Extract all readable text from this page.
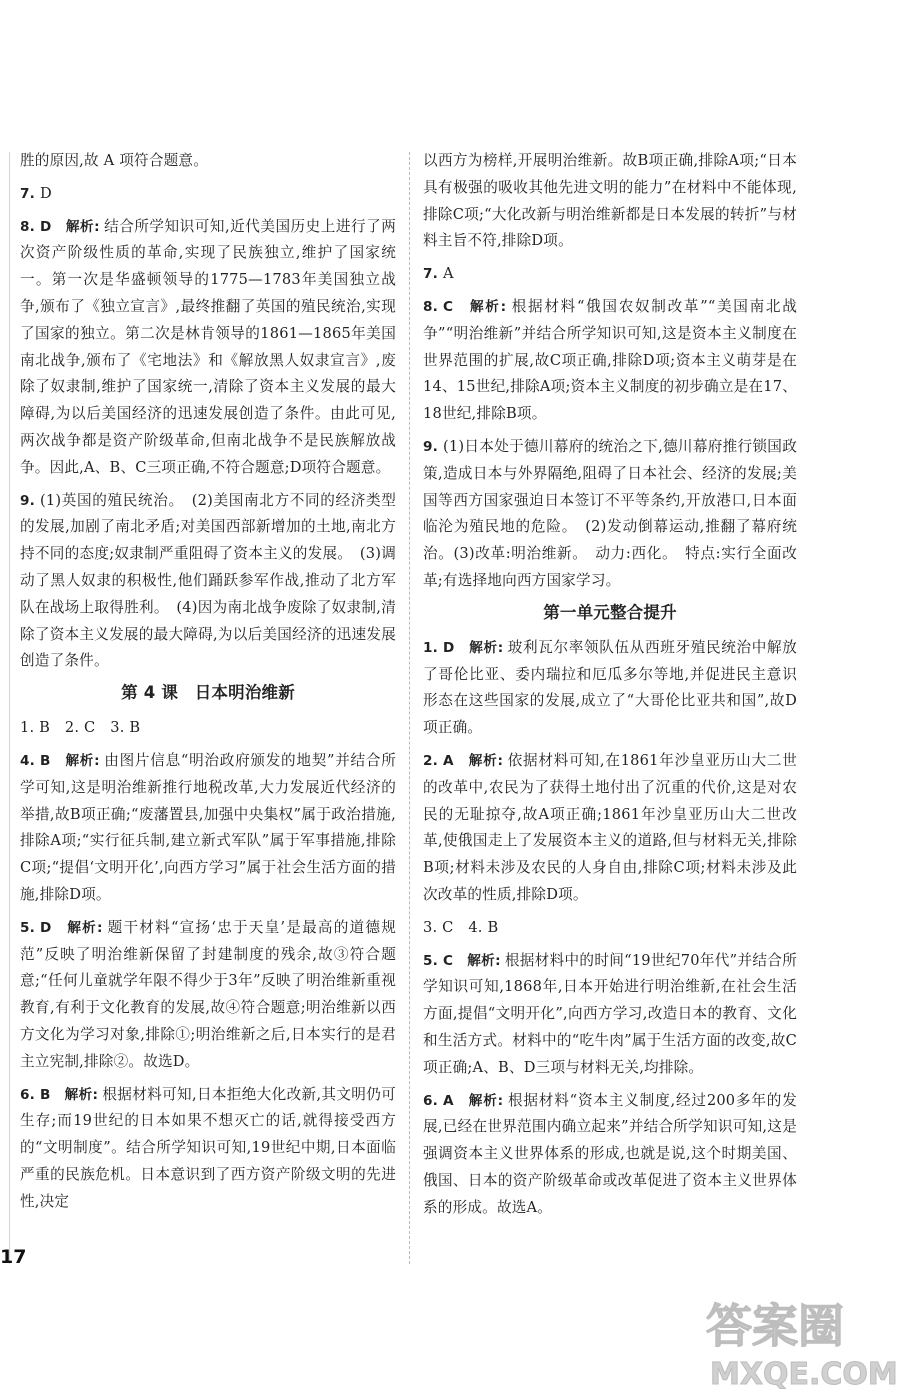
胜的原因,故 A 项符合题意。

7. D

8. D　解析: 结合所学知识可知,近代美国历史上进行了两次资产阶级性质的革命,实现了民族独立,维护了国家统一。第一次是华盛顿领导的1775—1783年美国独立战争,颁布了《独立宣言》,最终推翻了英国的殖民统治,实现了国家的独立。第二次是林肯领导的1861—1865年美国南北战争,颁布了《宅地法》和《解放黑人奴隶宣言》,废除了奴隶制,维护了国家统一,清除了资本主义发展的最大障碍,为以后美国经济的迅速发展创造了条件。由此可见,两次战争都是资产阶级革命,但南北战争不是民族解放战争。因此,A、B、C三项正确,不符合题意;D项符合题意。

9. (1)英国的殖民统治。　(2)美国南北方不同的经济类型的发展,加剧了南北矛盾;对美国西部新增加的土地,南北方持不同的态度;奴隶制严重阻碍了资本主义的发展。　(3)调动了黑人奴隶的积极性,他们踊跃参军作战,推动了北方军队在战场上取得胜利。　(4)因为南北战争废除了奴隶制,清除了资本主义发展的最大障碍,为以后美国经济的迅速发展创造了条件。

第 4 课　日本明治维新

1. B　2. C　3. B

4. B　解析: 由图片信息“明治政府颁发的地契”并结合所学可知,这是明治维新推行地税改革,大力发展近代经济的举措,故B项正确;“废藩置县,加强中央集权”属于政治措施,排除A项;“实行征兵制,建立新式军队”属于军事措施,排除C项;“提倡‘文明开化’,向西方学习”属于社会生活方面的措施,排除D项。

5. D　解析: 题干材料“宣扬‘忠于天皇’是最高的道德规范”反映了明治维新保留了封建制度的残余,故③符合题意;“任何儿童就学年限不得少于3年”反映了明治维新重视教育,有利于文化教育的发展,故④符合题意;明治维新以西方文化为学习对象,排除①;明治维新之后,日本实行的是君主立宪制,排除②。故选D。

6. B　解析: 根据材料可知,日本拒绝大化改新,其文明仍可生存;而19世纪的日本如果不想灭亡的话,就得接受西方的“文明制度”。结合所学知识可知,19世纪中期,日本面临严重的民族危机。日本意识到了西方资产阶级文明的先进性,决定

以西方为榜样,开展明治维新。故B项正确,排除A项;“日本具有极强的吸收其他先进文明的能力”在材料中不能体现,排除C项;“大化改新与明治维新都是日本发展的转折”与材料主旨不符,排除D项。

7. A

8. C　解析: 根据材料“俄国农奴制改革”“美国南北战争”“明治维新”并结合所学知识可知,这是资本主义制度在世界范围的扩展,故C项正确,排除D项;资本主义萌芽是在14、15世纪,排除A项;资本主义制度的初步确立是在17、18世纪,排除B项。

9. (1)日本处于德川幕府的统治之下,德川幕府推行锁国政策,造成日本与外界隔绝,阻碍了日本社会、经济的发展;美国等西方国家强迫日本签订不平等条约,开放港口,日本面临沦为殖民地的危险。　(2)发动倒幕运动,推翻了幕府统治。(3)改革:明治维新。　动力:西化。　特点:实行全面改革;有选择地向西方国家学习。

第一单元整合提升

1. D　解析: 玻利瓦尔率领队伍从西班牙殖民统治中解放了哥伦比亚、委内瑞拉和厄瓜多尔等地,并促进民主意识形态在这些国家的发展,成立了“大哥伦比亚共和国”,故D项正确。

2. A　解析: 依据材料可知,在1861年沙皇亚历山大二世的改革中,农民为了获得土地付出了沉重的代价,这是对农民的无耻掠夺,故A项正确;1861年沙皇亚历山大二世改革,使俄国走上了发展资本主义的道路,但与材料无关,排除B项;材料未涉及农民的人身自由,排除C项;材料未涉及此次改革的性质,排除D项。

3. C　4. B

5. C　解析: 根据材料中的时间“19世纪70年代”并结合所学知识可知,1868年,日本开始进行明治维新,在社会生活方面,提倡“文明开化”,向西方学习,改造日本的教育、文化和生活方式。材料中的“吃牛肉”属于生活方面的改变,故C项正确;A、B、D三项与材料无关,均排除。

6. A　解析: 根据材料“资本主义制度,经过200多年的发展,已经在世界范围内确立起来”并结合所学知识可知,这是强调资本主义世界体系的形成,也就是说,这个时期美国、俄国、日本的资产阶级革命或改革促进了资本主义世界体系的形成。故选A。

17
答案圈
MXQE.COM
